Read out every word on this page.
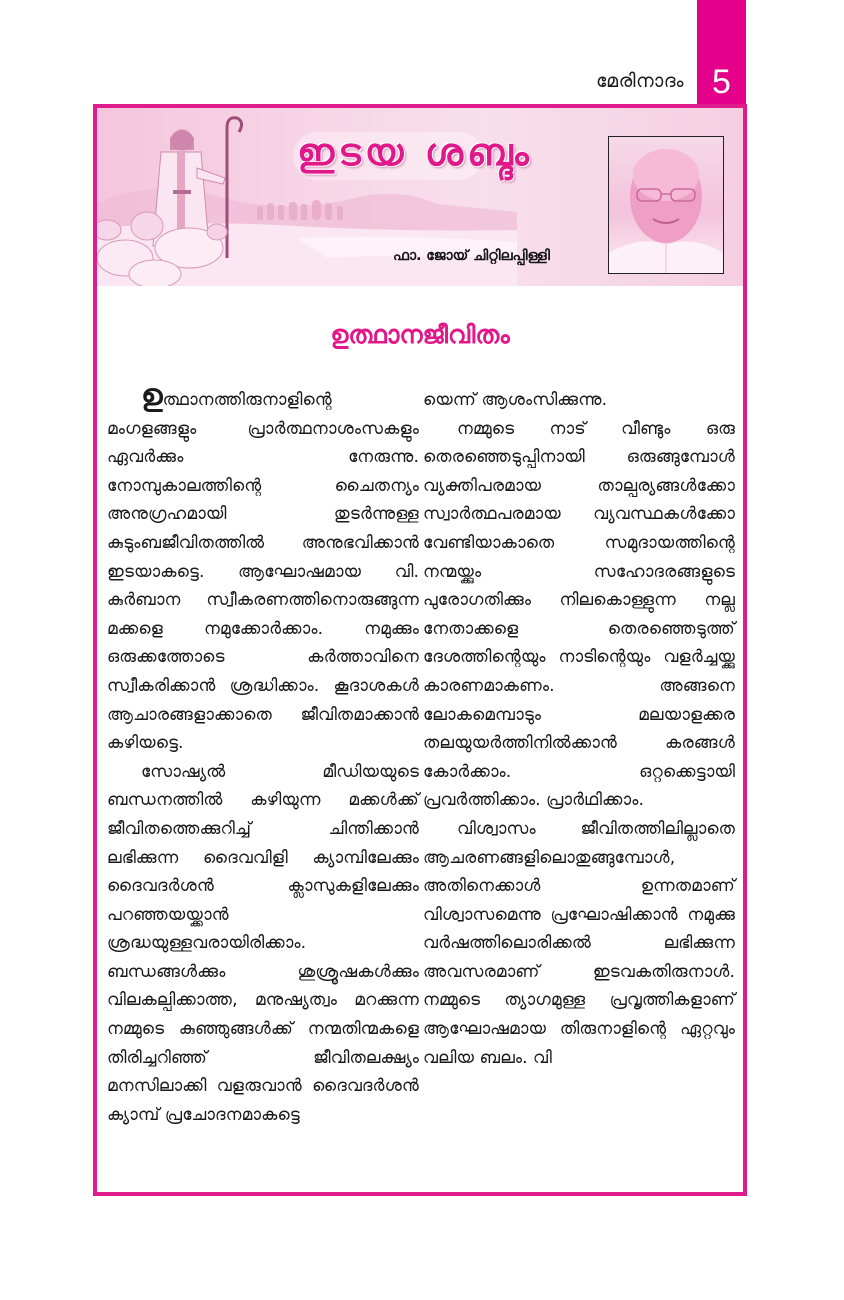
5
മേരിനാദം
ഇടയ ശബ്ദം
ഫാ. ജോയ് ചിറ്റിലപ്പിള്ളി
ഉത്ഥാനജീവിതം

ഉത്ഥാനത്തിരുനാളിന്റെ മംഗളങ്ങളും പ്രാർത്ഥനാശംസകളും ഏവർക്കും നേരുന്നു. നോമ്പുകാലത്തിന്റെ ചൈതന്യം അനുഗ്രഹമായി തുടർന്നുള്ള കുടുംബജീവിതത്തിൽ അനുഭവിക്കാൻ ഇടയാകട്ടെ. ആഘോഷമായ വി. കുർബാന സ്വീകരണത്തിനൊരുങ്ങുന്ന മക്കളെ നമുക്കോർക്കാം. നമുക്കും ഒരുക്കത്തോടെ കർത്താവിനെ സ്വീകരിക്കാൻ ശ്രദ്ധിക്കാം. കൂദാശകൾ ആചാരങ്ങളാക്കാതെ ജീവിതമാക്കാൻ കഴിയട്ടെ.

സോഷ്യൽ മീഡിയയുടെ ബന്ധനത്തിൽ കഴിയുന്ന മക്കൾക്ക് ജീവിതത്തെക്കുറിച്ച് ചിന്തിക്കാൻ ലഭിക്കുന്ന ദൈവവിളി ക്യാമ്പിലേക്കും ദൈവദർശൻ ക്ലാസുകളിലേക്കും പറഞ്ഞയയ്ക്കാൻ ശ്രദ്ധയുള്ളവരായിരിക്കാം. ബന്ധങ്ങൾക്കും ശുശ്രൂഷകൾക്കും വിലകല്പിക്കാത്ത, മനുഷ്യത്വം മറക്കുന്ന നമ്മുടെ കുഞ്ഞുങ്ങൾക്ക് നന്മതിന്മകളെ തിരിച്ചറിഞ്ഞ് ജീവിതലക്ഷ്യം മനസിലാക്കി വളരുവാൻ ദൈവദർശൻ ക്യാമ്പ് പ്രചോദനമാകട്ടെ

യെന്ന് ആശംസിക്കുന്നു.

നമ്മുടെ നാട് വീണ്ടും ഒരു തെരഞ്ഞെടുപ്പിനായി ഒരുങ്ങുമ്പോൾ വ്യക്തിപരമായ താല്പര്യങ്ങൾക്കോ സ്വാർത്ഥപരമായ വ്യവസ്ഥകൾക്കോ വേണ്ടിയാകാതെ സമുദായത്തിന്റെ നന്മയ്ക്കും സഹോദരങ്ങളുടെ പുരോഗതിക്കും നിലകൊള്ളുന്ന നല്ല നേതാക്കളെ തെരഞ്ഞെടുത്ത് ദേശത്തിന്റെയും നാടിന്റെയും വളർച്ചയ്ക്കു കാരണമാകണം. അങ്ങനെ ലോകമെമ്പാടും മലയാളക്കര തലയുയർത്തിനിൽക്കാൻ കരങ്ങൾ കോർക്കാം. ഒറ്റക്കെട്ടായി പ്രവർത്തിക്കാം. പ്രാർഥിക്കാം.

വിശ്വാസം ജീവിതത്തിലില്ലാതെ ആചരണങ്ങളിലൊതുങ്ങുമ്പോൾ, അതിനെക്കാൾ ഉന്നതമാണ് വിശ്വാസമെന്നു പ്രഘോഷിക്കാൻ നമുക്കു വർഷത്തിലൊരിക്കൽ ലഭിക്കുന്ന അവസരമാണ് ഇടവകതിരുനാൾ. നമ്മുടെ ത്യാഗമുള്ള പ്രവൃത്തികളാണ് ആഘോഷമായ തിരുനാളിന്റെ ഏറ്റവും വലിയ ബലം. വി
